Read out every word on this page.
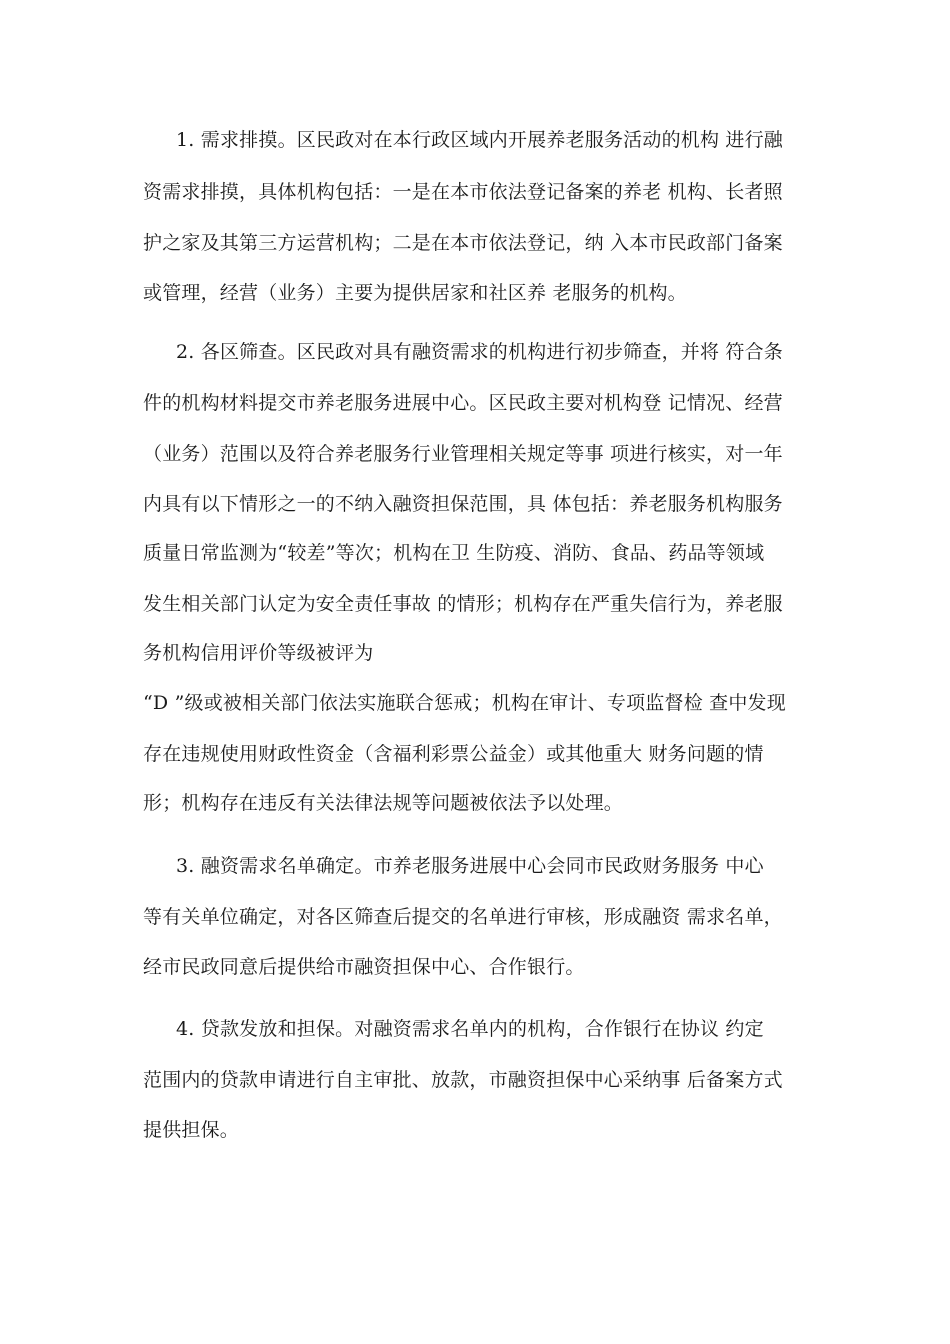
1. 需求排摸。区民政对在本行政区域内开展养老服务活动的机构 进行融
资需求排摸，具体机构包括：一是在本市依法登记备案的养老 机构、长者照
护之家及其第三方运营机构；二是在本市依法登记，纳 入本市民政部门备案
或管理，经营（业务）主要为提供居家和社区养 老服务的机构。
2. 各区筛查。区民政对具有融资需求的机构进行初步筛查，并将 符合条
件的机构材料提交市养老服务进展中心。区民政主要对机构登 记情况、经营
（业务）范围以及符合养老服务行业管理相关规定等事 项进行核实，对一年
内具有以下情形之一的不纳入融资担保范围，具 体包括：养老服务机构服务
质量日常监测为“较差”等次；机构在卫 生防疫、消防、食品、药品等领域
发生相关部门认定为安全责任事故 的情形；机构存在严重失信行为，养老服
务机构信用评价等级被评为
“D ”级或被相关部门依法实施联合惩戒；机构在审计、专项监督检 查中发现
存在违规使用财政性资金（含福利彩票公益金）或其他重大 财务问题的情
形；机构存在违反有关法律法规等问题被依法予以处理。
3. 融资需求名单确定。市养老服务进展中心会同市民政财务服务 中心
等有关单位确定，对各区筛查后提交的名单进行审核，形成融资 需求名单，
经市民政同意后提供给市融资担保中心、合作银行。
4. 贷款发放和担保。对融资需求名单内的机构，合作银行在协议 约定
范围内的贷款申请进行自主审批、放款，市融资担保中心采纳事 后备案方式
提供担保。
